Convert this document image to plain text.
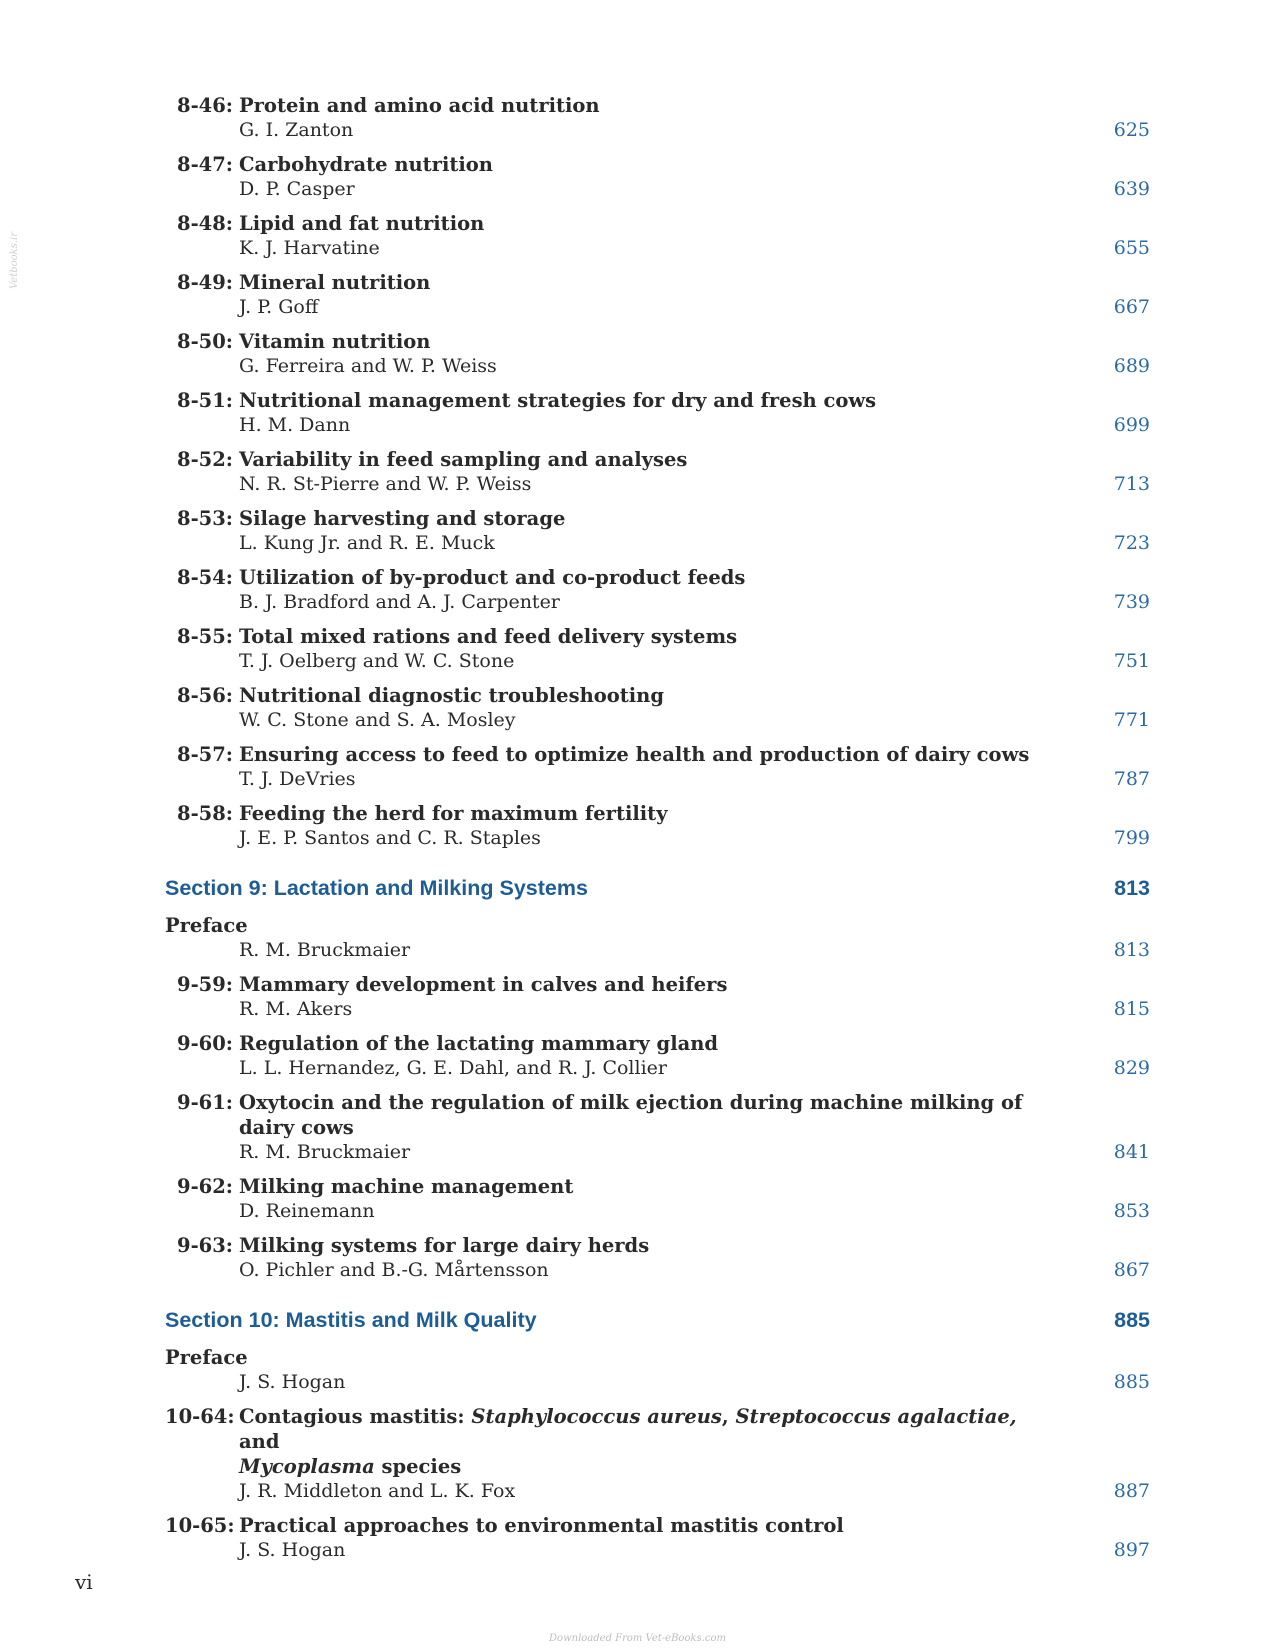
Vetbooks.ir
8-46: Protein and amino acid nutrition
G. I. Zanton	625
8-47: Carbohydrate nutrition
D. P. Casper	639
8-48: Lipid and fat nutrition
K. J. Harvatine	655
8-49: Mineral nutrition
J. P. Goff	667
8-50: Vitamin nutrition
G. Ferreira and W. P. Weiss	689
8-51: Nutritional management strategies for dry and fresh cows
H. M. Dann	699
8-52: Variability in feed sampling and analyses
N. R. St-Pierre and W. P. Weiss	713
8-53: Silage harvesting and storage
L. Kung Jr. and R. E. Muck	723
8-54: Utilization of by-product and co-product feeds
B. J. Bradford and A. J. Carpenter	739
8-55: Total mixed rations and feed delivery systems
T. J. Oelberg and W. C. Stone	751
8-56: Nutritional diagnostic troubleshooting
W. C. Stone and S. A. Mosley	771
8-57: Ensuring access to feed to optimize health and production of dairy cows
T. J. DeVries	787
8-58: Feeding the herd for maximum fertility
J. E. P. Santos and C. R. Staples	799
Section 9: Lactation and Milking Systems	813
Preface
R. M. Bruckmaier	813
9-59: Mammary development in calves and heifers
R. M. Akers	815
9-60: Regulation of the lactating mammary gland
L. L. Hernandez, G. E. Dahl, and R. J. Collier	829
9-61: Oxytocin and the regulation of milk ejection during machine milking of dairy cows
R. M. Bruckmaier	841
9-62: Milking machine management
D. Reinemann	853
9-63: Milking systems for large dairy herds
O. Pichler and B.-G. Mårtensson	867
Section 10: Mastitis and Milk Quality	885
Preface
J. S. Hogan	885
10-64: Contagious mastitis: Staphylococcus aureus, Streptococcus agalactiae, and
Mycoplasma species
J. R. Middleton and L. K. Fox	887
10-65: Practical approaches to environmental mastitis control
J. S. Hogan	897
vi
Downloaded From Vet-eBooks.com
